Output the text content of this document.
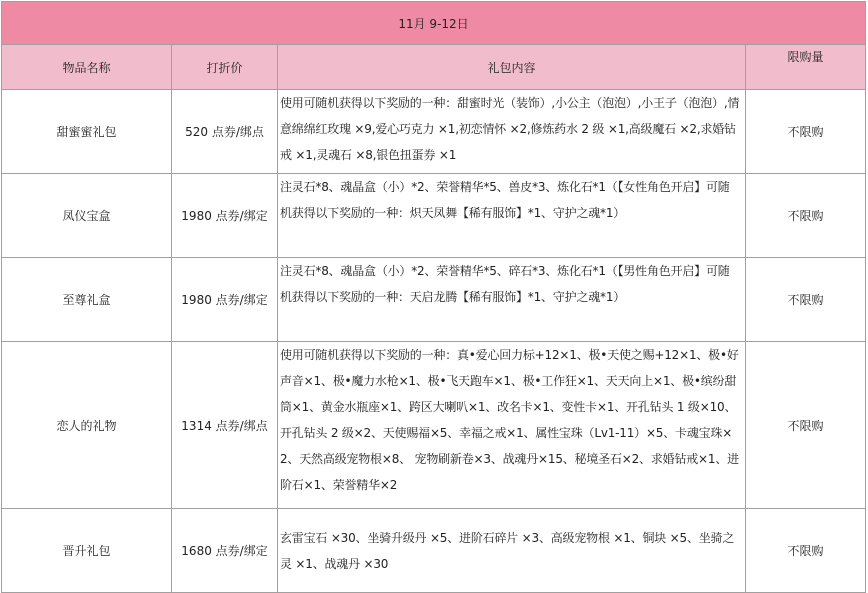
11月 9-12日			
物品名称	打折价	礼包内容	限购量
甜蜜蜜礼包	520 点券/绑点	使用可随机获得以下奖励的一种：甜蜜时光（装饰）,小公主（泡泡）,小王子（泡泡）,情意绵绵红玫瑰 ×9,爱心巧克力 ×1,初恋情怀 ×2,修炼药水 2 级 ×1,高级魔石 ×2,求婚钻戒 ×1,灵魂石 ×8,银色扭蛋券 ×1	不限购
凤仪宝盒	1980 点券/绑定	注灵石*8、魂晶盒（小）*2、荣誉精华*5、兽皮*3、炼化石*1（【女性角色开启】可随机获得以下奖励的一种：炽天凤舞【稀有服饰】*1、守护之魂*1）	不限购
至尊礼盒	1980 点券/绑定	注灵石*8、魂晶盒（小）*2、荣誉精华*5、碎石*3、炼化石*1（【男性角色开启】可随机获得以下奖励的一种：天启龙腾【稀有服饰】*1、守护之魂*1）	不限购
恋人的礼物	1314 点券/绑点	使用可随机获得以下奖励的一种：真•爱心回力标+12×1、极•天使之赐+12×1、极•好声音×1、极•魔力水枪×1、极•飞天跑车×1、极•工作狂×1、天天向上×1、极•缤纷甜筒×1、黄金水瓶座×1、跨区大喇叭×1、改名卡×1、变性卡×1、开孔钻头 1 级×10、开孔钻头 2 级×2、天使赐福×5、幸福之戒×1、属性宝珠（Lv1-11）×5、卡魂宝珠×2、天然高级宠物根×8、 宠物刷新卷×3、战魂丹×15、秘境圣石×2、求婚钻戒×1、进阶石×1、荣誉精华×2	不限购
晋升礼包	1680 点券/绑定	玄雷宝石 ×30、坐骑升级丹 ×5、进阶石碎片 ×3、高级宠物根 ×1、铜块 ×5、坐骑之灵 ×1、战魂丹 ×30	不限购
